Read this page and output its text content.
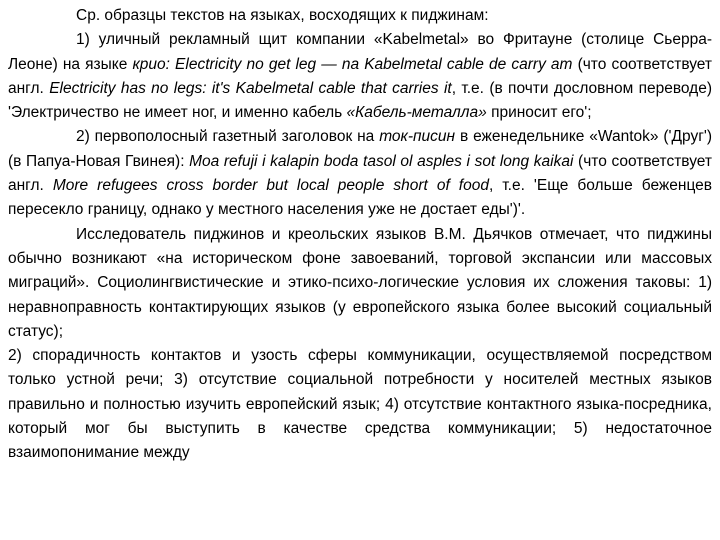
Ср. образцы текстов на языках, восходящих к пиджинам:

1) уличный рекламный щит компании «Kabelmetal» во Фритауне (столице Сьерра-Леоне) на языке крио: Electricity no get leg — na Kabelmetal cable de carry am (что соответствует англ. Electricity has no legs: it's Kabelmetal cable that carries it, т.е. (в почти дословном переводе) 'Электричество не имеет ног, и именно кабель «Кабель-металла» приносит его';

2) первополосный газетный заголовок на ток-писин в еженедельнике «Wantok» ('Друг') (в Папуа-Новая Гвинея): Moa refuji i kalapin boda tasol ol asples i sot long kaikai (что соответствует англ. More refugees cross border but local people short of food, т.е. 'Еще больше беженцев пересекло границу, однако у местного населения уже не достает еды')'.

Исследователь пиджинов и креольских языков В.М. Дьячков отмечает, что пиджины обычно возникают «на историческом фоне завоеваний, торговой экспансии или массовых миграций». Социолингвистические и этико-психо-логические условия их сложения таковы: 1) неравноправность контактирующих языков (у европейского языка более высокий социальный статус);

2) спорадичность контактов и узость сферы коммуникации, осуществляемой посредством только устной речи; 3) отсутствие социальной потребности у носителей местных языков правильно и полностью изучить европейский язык; 4) отсутствие контактного языка-посредника, который мог бы выступить в качестве средства коммуникации; 5) недостаточное взаимопонимание между
